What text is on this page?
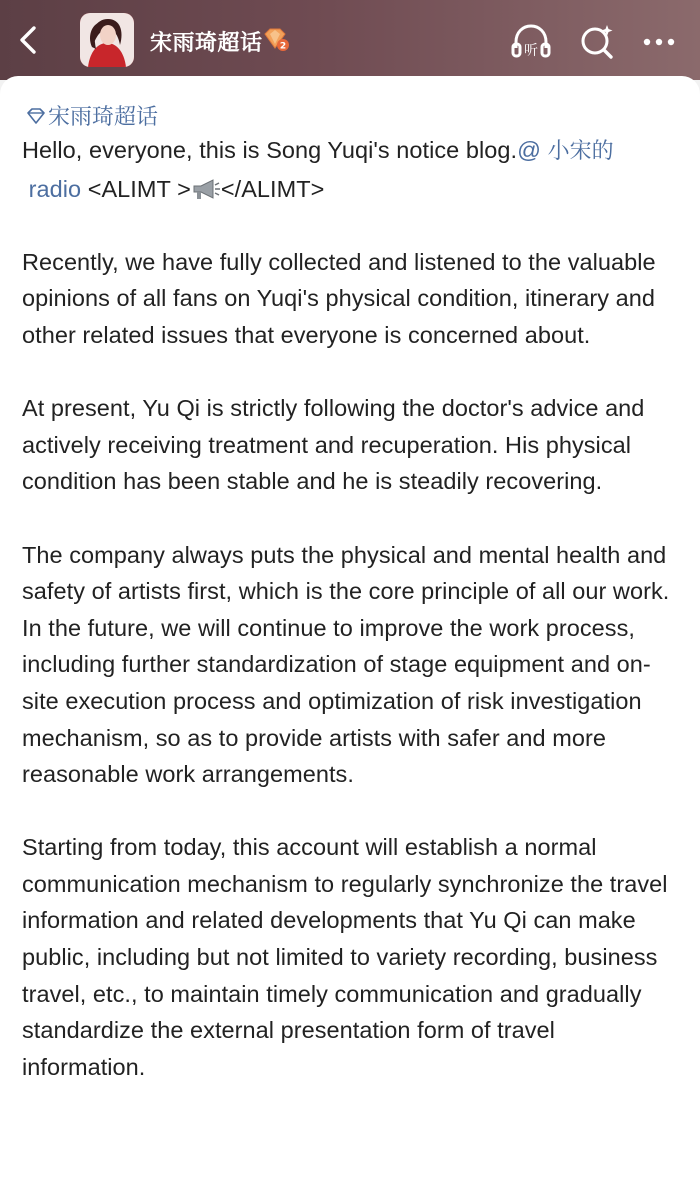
宋雨琦超话 2	听
宋雨琦超话

Hello, everyone, this is Song Yuqi's notice blog.@ 小宋的
radio <ALIMT > </ALIMT>

Recently, we have fully collected and listened to the valuable opinions of all fans on Yuqi's physical condition, itinerary and other related issues that everyone is concerned about.

At present, Yu Qi is strictly following the doctor's advice and actively receiving treatment and recuperation. His physical condition has been stable and he is steadily recovering.

The company always puts the physical and mental health and safety of artists first, which is the core principle of all our work. In the future, we will continue to improve the work process, including further standardization of stage equipment and on-site execution process and optimization of risk investigation mechanism, so as to provide artists with safer and more reasonable work arrangements.

Starting from today, this account will establish a normal communication mechanism to regularly synchronize the travel information and related developments that Yu Qi can make public, including but not limited to variety recording, business travel, etc., to maintain timely communication and gradually standardize the external presentation form of travel information.
